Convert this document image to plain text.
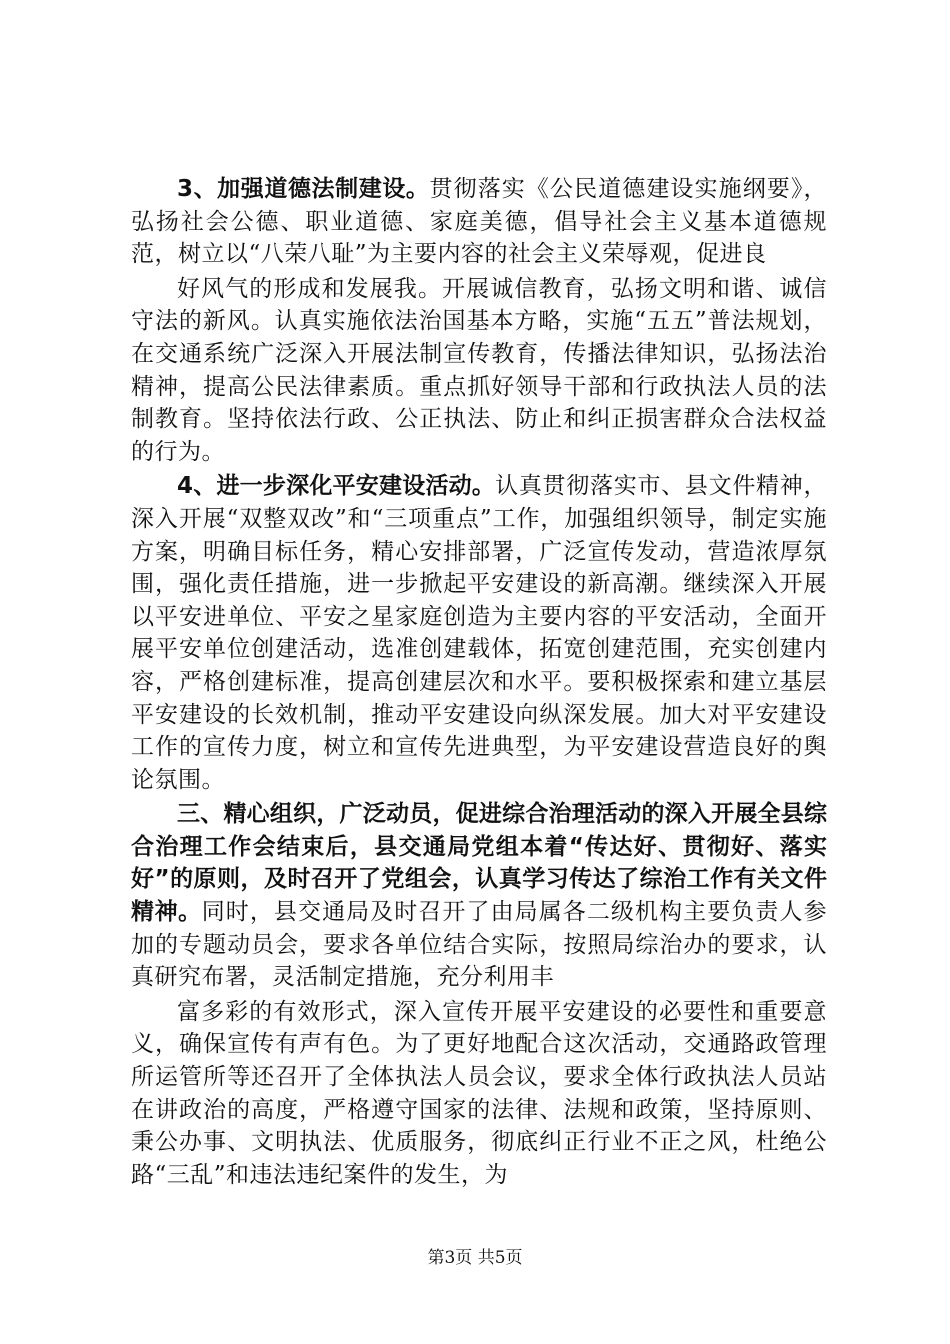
3、加强道德法制建设。贯彻落实《公民道德建设实施纲要》，弘扬社会公德、职业道德、家庭美德，倡导社会主义基本道德规范，树立以“八荣八耻”为主要内容的社会主义荣辱观，促进良

好风气的形成和发展我。开展诚信教育，弘扬文明和谐、诚信守法的新风。认真实施依法治国基本方略，实施“五五”普法规划，在交通系统广泛深入开展法制宣传教育，传播法律知识，弘扬法治精神，提高公民法律素质。重点抓好领导干部和行政执法人员的法制教育。坚持依法行政、公正执法、防止和纠正损害群众合法权益的行为。

4、进一步深化平安建设活动。认真贯彻落实市、县文件精神，深入开展“双整双改”和“三项重点”工作，加强组织领导，制定实施方案，明确目标任务，精心安排部署，广泛宣传发动，营造浓厚氛围，强化责任措施，进一步掀起平安建设的新高潮。继续深入开展以平安进单位、平安之星家庭创造为主要内容的平安活动，全面开展平安单位创建活动，选准创建载体，拓宽创建范围，充实创建内容，严格创建标准，提高创建层次和水平。要积极探索和建立基层平安建设的长效机制，推动平安建设向纵深发展。加大对平安建设工作的宣传力度，树立和宣传先进典型，为平安建设营造良好的舆论氛围。

三、精心组织，广泛动员，促进综合治理活动的深入开展全县综合治理工作会结束后，县交通局党组本着“传达好、贯彻好、落实好”的原则，及时召开了党组会，认真学习传达了综治工作有关文件精神。同时，县交通局及时召开了由局属各二级机构主要负责人参加的专题动员会，要求各单位结合实际，按照局综治办的要求，认真研究布署，灵活制定措施，充分利用丰

富多彩的有效形式，深入宣传开展平安建设的必要性和重要意义，确保宣传有声有色。为了更好地配合这次活动，交通路政管理所运管所等还召开了全体执法人员会议，要求全体行政执法人员站在讲政治的高度，严格遵守国家的法律、法规和政策，坚持原则、秉公办事、文明执法、优质服务，彻底纠正行业不正之风，杜绝公路“三乱”和违法违纪案件的发生，为

第3页 共5页
